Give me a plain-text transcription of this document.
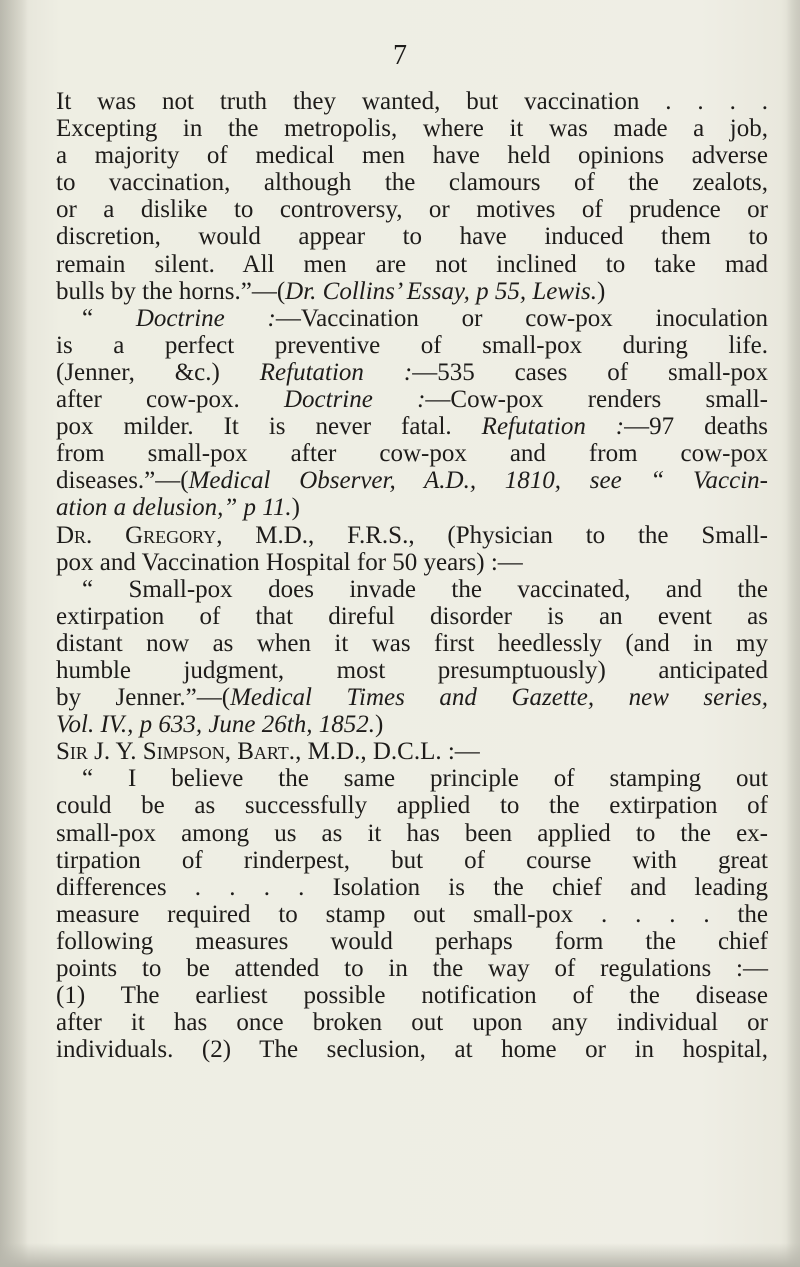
7
It was not truth they wanted, but vaccination . . . .
Excepting in the metropolis, where it was made a job,
a majority of medical men have held opinions adverse
to vaccination, although the clamours of the zealots,
or a dislike to controversy, or motives of prudence or
discretion, would appear to have induced them to
remain silent. All men are not inclined to take mad
bulls by the horns.”—(Dr. Collins’ Essay, p 55, Lewis.)
“ Doctrine :—Vaccination or cow-pox inoculation
is a perfect preventive of small-pox during life.
(Jenner, &c.) Refutation :—535 cases of small-pox
after cow-pox. Doctrine :—Cow-pox renders small-
pox milder. It is never fatal. Refutation :—97 deaths
from small-pox after cow-pox and from cow-pox
diseases.”—(Medical Observer, A.D., 1810, see “ Vaccin-
ation a delusion,” p 11.)
Dr. Gregory, M.D., F.R.S., (Physician to the Small-
pox and Vaccination Hospital for 50 years) :—
“ Small-pox does invade the vaccinated, and the
extirpation of that direful disorder is an event as
distant now as when it was first heedlessly (and in my
humble judgment, most presumptuously) anticipated
by Jenner.”—(Medical Times and Gazette, new series,
Vol. IV., p 633, June 26th, 1852.)
Sir J. Y. Simpson, Bart., M.D., D.C.L. :—
“ I believe the same principle of stamping out
could be as successfully applied to the extirpation of
small-pox among us as it has been applied to the ex-
tirpation of rinderpest, but of course with great
differences . . . . Isolation is the chief and leading
measure required to stamp out small-pox . . . . the
following measures would perhaps form the chief
points to be attended to in the way of regulations :—
(1) The earliest possible notification of the disease
after it has once broken out upon any individual or
individuals. (2) The seclusion, at home or in hospital,
